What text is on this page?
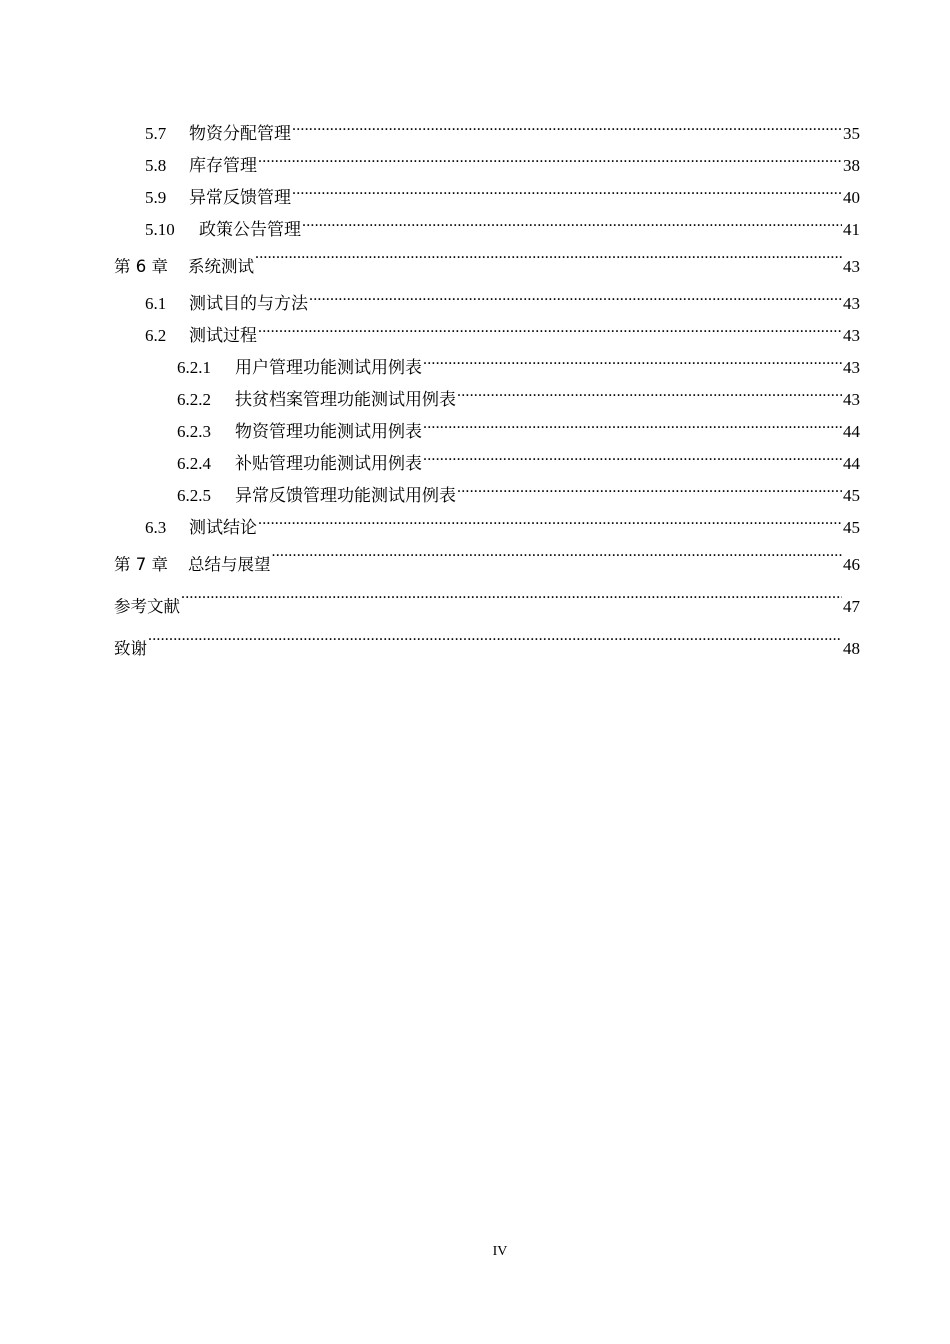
5.7	物资分配管理 .....	35
5.8	库存管理 .....	38
5.9	异常反馈管理 .....	40
5.10	政策公告管理 .....	41
第 6 章 系统测试 .....	43
6.1	测试目的与方法 .....	43
6.2	测试过程 .....	43
6.2.1	用户管理功能测试用例表 .....	43
6.2.2	扶贫档案管理功能测试用例表 .....	43
6.2.3	物资管理功能测试用例表 .....	44
6.2.4	补贴管理功能测试用例表 .....	44
6.2.5	异常反馈管理功能测试用例表 .....	45
6.3	测试结论 .....	45
第 7 章 总结与展望 .....	46
参考文献 .....	47
致谢 .....	48
IV
